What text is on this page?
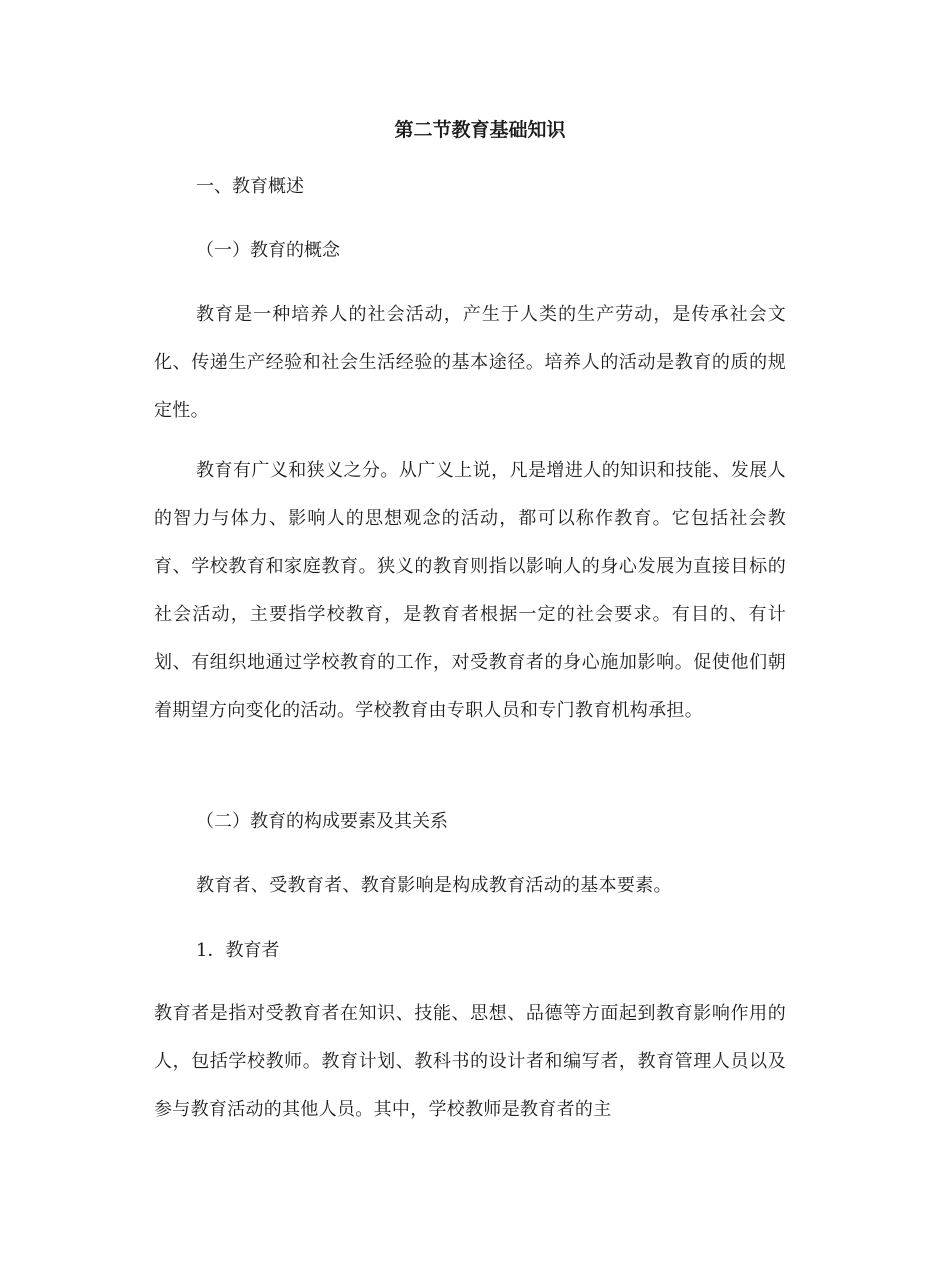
第二节教育基础知识

一、教育概述

（一）教育的概念

教育是一种培养人的社会活动，产生于人类的生产劳动，是传承社会文化、传递生产经验和社会生活经验的基本途径。培养人的活动是教育的质的规定性。

教育有广义和狭义之分。从广义上说，凡是增进人的知识和技能、发展人的智力与体力、影响人的思想观念的活动，都可以称作教育。它包括社会教育、学校教育和家庭教育。狭义的教育则指以影响人的身心发展为直接目标的社会活动，主要指学校教育，是教育者根据一定的社会要求。有目的、有计划、有组织地通过学校教育的工作，对受教育者的身心施加影响。促使他们朝着期望方向变化的活动。学校教育由专职人员和专门教育机构承担。

（二）教育的构成要素及其关系

教育者、受教育者、教育影响是构成教育活动的基本要素。

1．教育者

教育者是指对受教育者在知识、技能、思想、品德等方面起到教育影响作用的人，包括学校教师。教育计划、教科书的设计者和编写者，教育管理人员以及参与教育活动的其他人员。其中，学校教师是教育者的主
